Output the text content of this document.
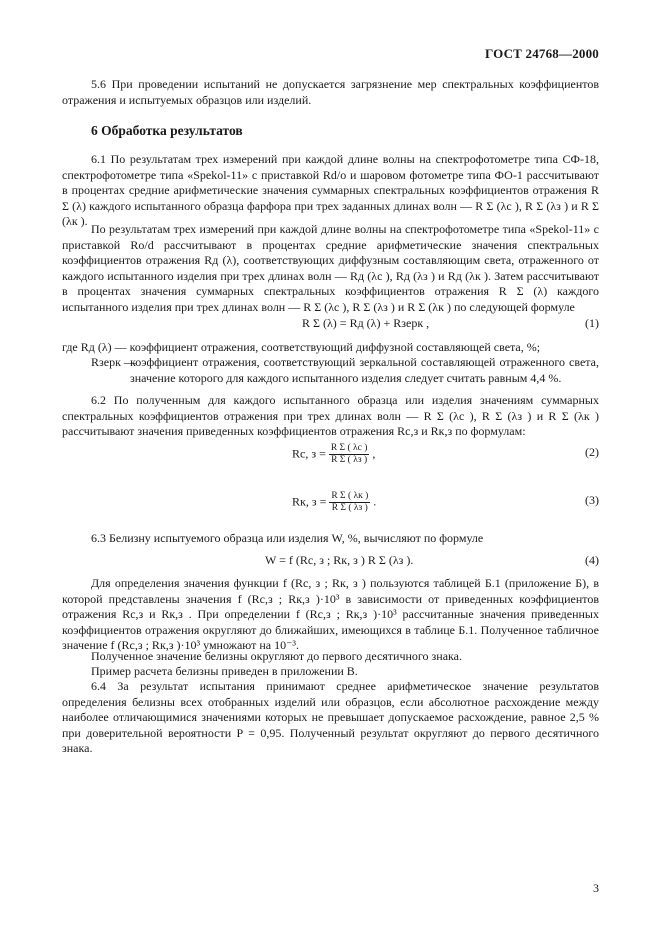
ГОСТ 24768—2000
5.6 При проведении испытаний не допускается загрязнение мер спектральных коэффициентов отражения и испытуемых образцов или изделий.
6 Обработка результатов
6.1 По результатам трех измерений при каждой длине волны на спектрофотометре типа СФ-18, спектрофотометре типа «Spekol-11» с приставкой Rd/о и шаровом фотометре типа ФО-1 рассчитывают в процентах средние арифметические значения суммарных спектральных коэффициентов отражения R Σ (λ) каждого испытанного образца фарфора при трех заданных длинах волн — R Σ (λс ), R Σ (λз ) и R Σ (λк ).
По результатам трех измерений при каждой длине волны на спектрофотометре типа «Spekol-11» с приставкой Rо/d рассчитывают в процентах средние арифметические значения спектральных коэффициентов отражения Rд (λ), соответствующих диффузным составляющим света, отраженного от каждого испытанного изделия при трех длинах волн — Rд (λс ), Rд (λз ) и Rд (λк ). Затем рассчитывают в процентах значения суммарных спектральных коэффициентов отражения R Σ (λ) каждого испытанного изделия при трех длинах волн — R Σ (λс ), R Σ (λз ) и R Σ (λк ) по следующей формуле
R Σ (λ) = Rд (λ) + Rзерк ,	(1)
где Rд (λ) — коэффициент отражения, соответствующий диффузной составляющей света, %;
Rзерк —
коэффициент отражения, соответствующий зеркальной составляющей отраженного света, значение которого для каждого испытанного изделия следует считать равным 4,4 %.
6.2 По полученным для каждого испытанного образца или изделия значениям суммарных спектральных коэффициентов отражения при трех длинах волн — R Σ (λс ), R Σ (λз ) и R Σ (λк ) рассчитывают значения приведенных коэффициентов отражения Rс,з и Rк,з по формулам:
Rс, $з = \frac{\text{R Σ ( λс )}}{\text{R Σ ( λз )}}$ ,	(2)
Rк, $з = \frac{\text{R Σ ( λк )}}{\text{R Σ ( λз )}}$ .	(3)
6.3 Белизну испытуемого образца или изделия W, %, вычисляют по формуле
W = f (Rс, з ; Rк, з ) R Σ (λз ).	(4)
Для определения значения функции f (Rс, з ; Rк, з ) пользуются таблицей Б.1 (приложение Б), в которой представлены значения f (Rс,з ; Rк,з )·10³ в зависимости от приведенных коэффициентов отражения Rс,з и Rк,з . При определении f (Rс,з ; Rк,з )·10³ рассчитанные значения приведенных коэффициентов отражения округляют до ближайших, имеющихся в таблице Б.1. Полученное табличное значение f (Rс,з ; Rк,з )·10³ умножают на 10⁻³.
Полученное значение белизны округляют до первого десятичного знака.
Пример расчета белизны приведен в приложении В.
6.4 За результат испытания принимают среднее арифметическое значение результатов определения белизны всех отобранных изделий или образцов, если абсолютное расхождение между наиболее отличающимися значениями которых не превышает допускаемое расхождение, равное 2,5 % при доверительной вероятности P = 0,95. Полученный результат округляют до первого десятичного знака.
3
